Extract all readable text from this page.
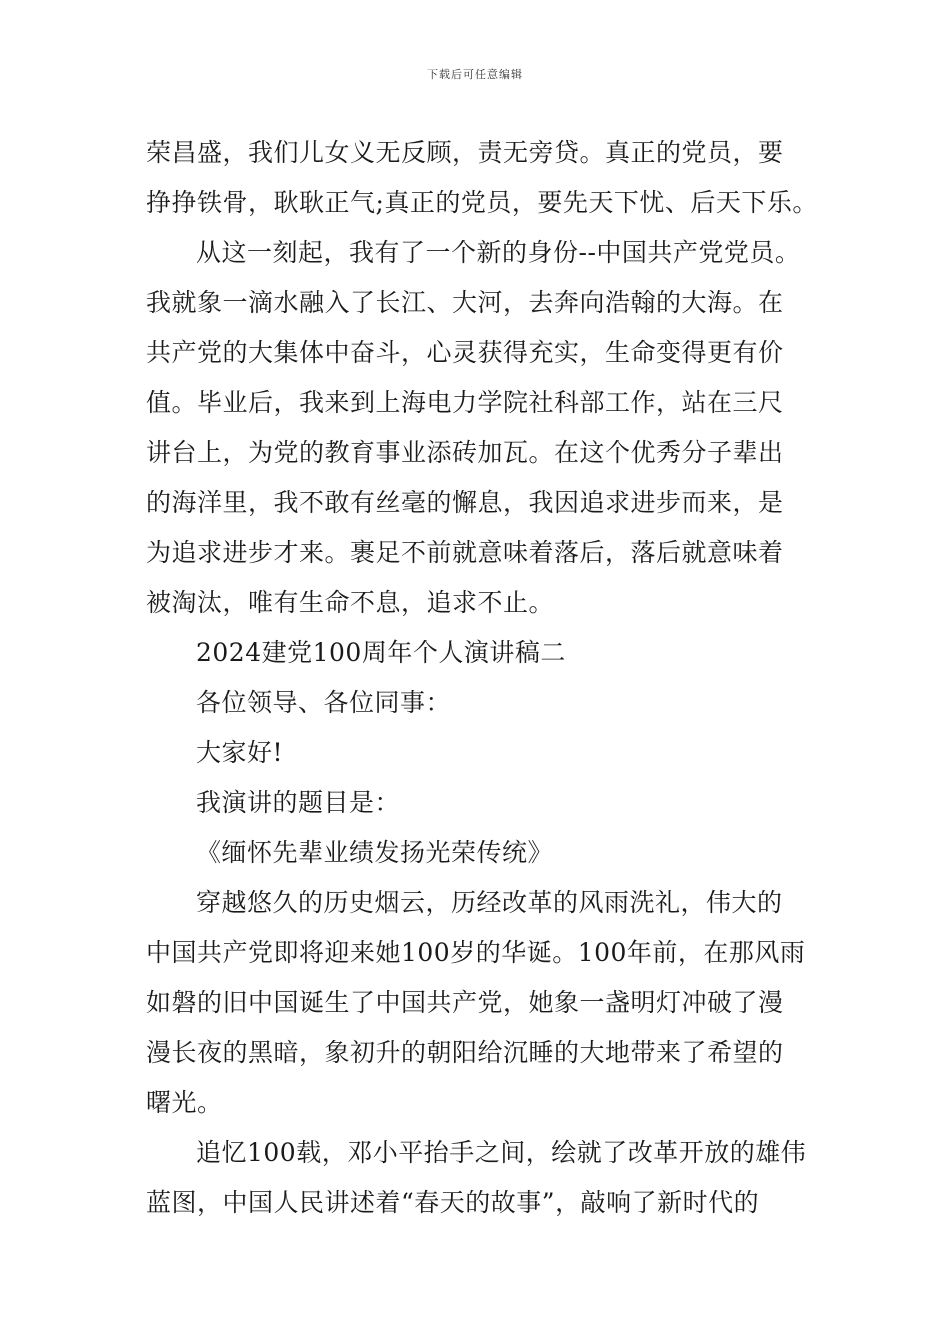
下载后可任意编辑
荣昌盛，我们儿女义无反顾，责无旁贷。真正的党员，要
挣挣铁骨，耿耿正气;真正的党员，要先天下忧、后天下乐。
从这一刻起，我有了一个新的身份--中国共产党党员。
我就象一滴水融入了长江、大河，去奔向浩翰的大海。在
共产党的大集体中奋斗，心灵获得充实，生命变得更有价
值。毕业后，我来到上海电力学院社科部工作，站在三尺
讲台上，为党的教育事业添砖加瓦。在这个优秀分子辈出
的海洋里，我不敢有丝毫的懈息，我因追求进步而来，是
为追求进步才来。裹足不前就意味着落后，落后就意味着
被淘汰，唯有生命不息，追求不止。
2024建党100周年个人演讲稿二
各位领导、各位同事：
大家好!
我演讲的题目是：
《缅怀先辈业绩发扬光荣传统》
穿越悠久的历史烟云，历经改革的风雨洗礼，伟大的
中国共产党即将迎来她100岁的华诞。100年前，在那风雨
如磐的旧中国诞生了中国共产党，她象一盏明灯冲破了漫
漫长夜的黑暗，象初升的朝阳给沉睡的大地带来了希望的
曙光。
追忆100载，邓小平抬手之间，绘就了改革开放的雄伟
蓝图，中国人民讲述着“春天的故事”，敲响了新时代的
